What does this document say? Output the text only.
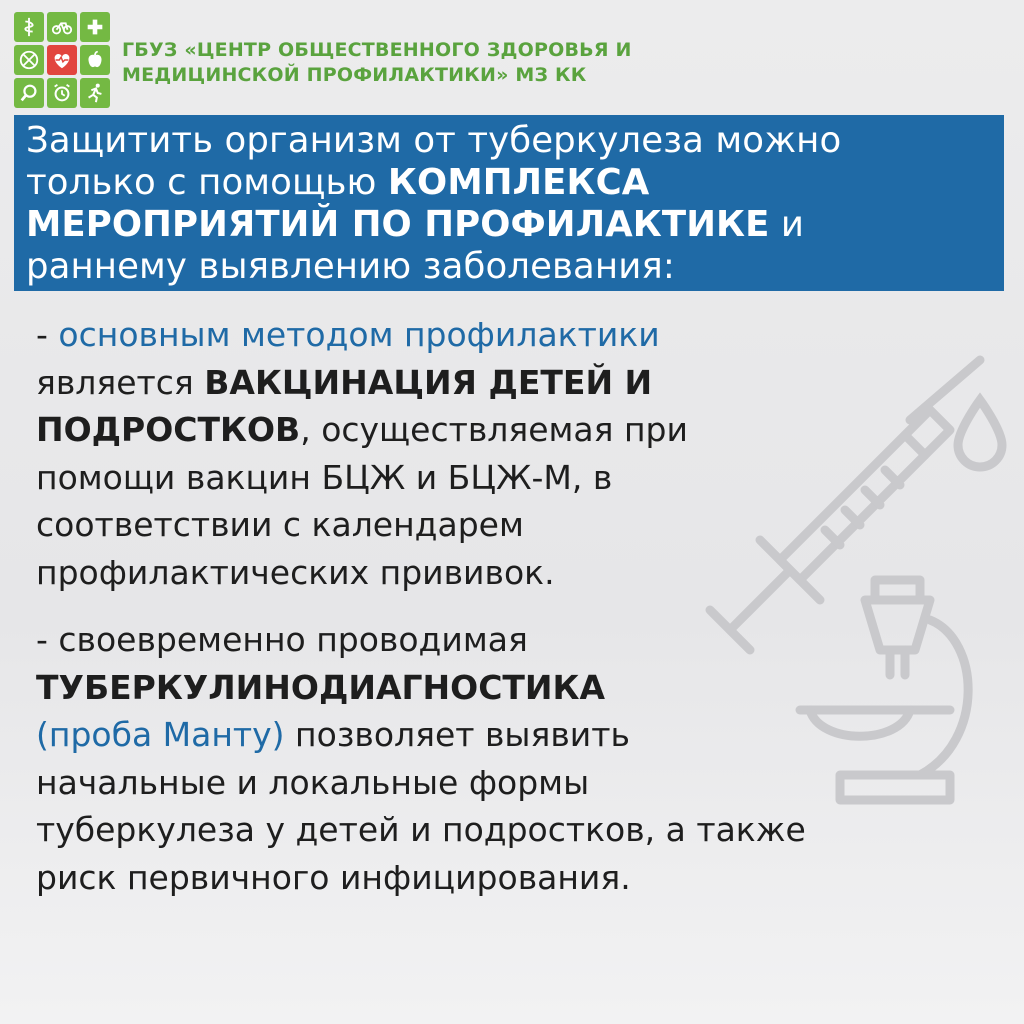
ГБУЗ «ЦЕНТР ОБЩЕСТВЕННОГО ЗДОРОВЬЯ И
МЕДИЦИНСКОЙ ПРОФИЛАКТИКИ» МЗ КК
Защитить организм от туберкулеза можно
только с помощью КОМПЛЕКСА
МЕРОПРИЯТИЙ ПО ПРОФИЛАКТИКЕ и
раннему выявлению заболевания:

- основным методом профилактики
является ВАКЦИНАЦИЯ ДЕТЕЙ И
ПОДРОСТКОВ, осуществляемая при
помощи вакцин БЦЖ и БЦЖ-М, в
соответствии с календарем
профилактических прививок.

- своевременно проводимая
ТУБЕРКУЛИНОДИАГНОСТИКА
(проба Манту) позволяет выявить
начальные и локальные формы
туберкулеза у детей и подростков, а также
риск первичного инфицирования.
